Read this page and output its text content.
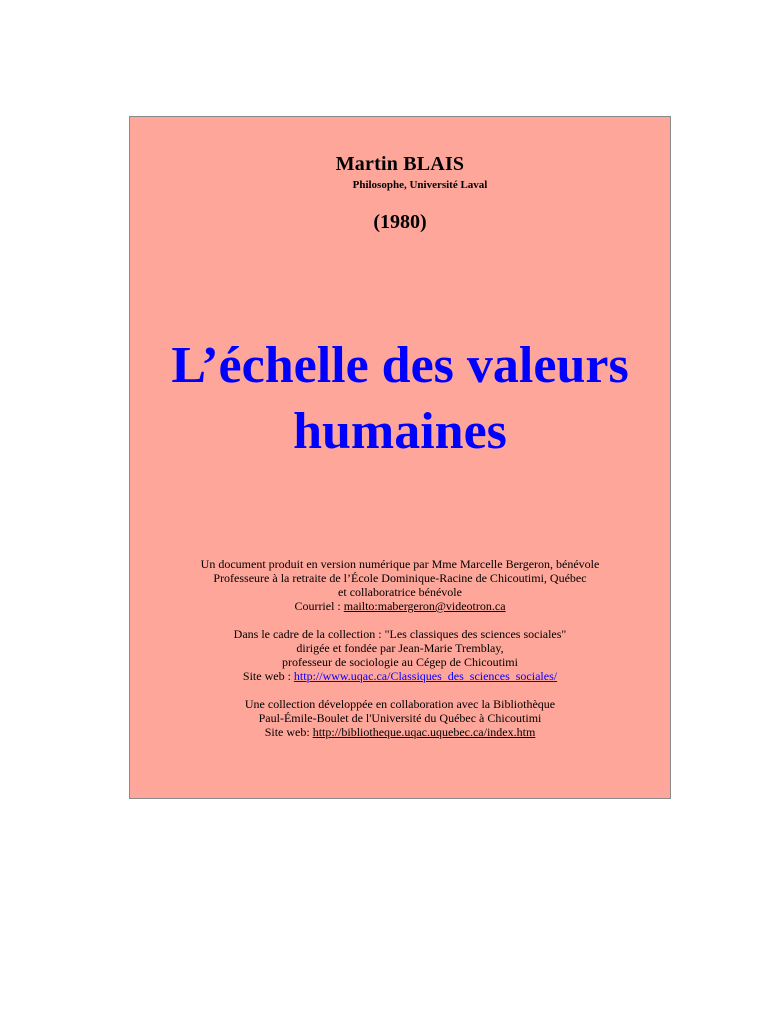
Martin BLAIS
Philosophe, Université Laval
(1980)
L’échelle des valeurs
humaines
Un document produit en version numérique par Mme Marcelle Bergeron, bénévole
Professeure à la retraite de l’École Dominique-Racine de Chicoutimi, Québec
et collaboratrice bénévole
Courriel : mailto:mabergeron@videotron.ca
Dans le cadre de la collection : "Les classiques des sciences sociales"
dirigée et fondée par Jean-Marie Tremblay,
professeur de sociologie au Cégep de Chicoutimi
Site web : http://www.uqac.ca/Classiques_des_sciences_sociales/
Une collection développée en collaboration avec la Bibliothèque
Paul-Émile-Boulet de l'Université du Québec à Chicoutimi
Site web: http://bibliotheque.uqac.uquebec.ca/index.htm
